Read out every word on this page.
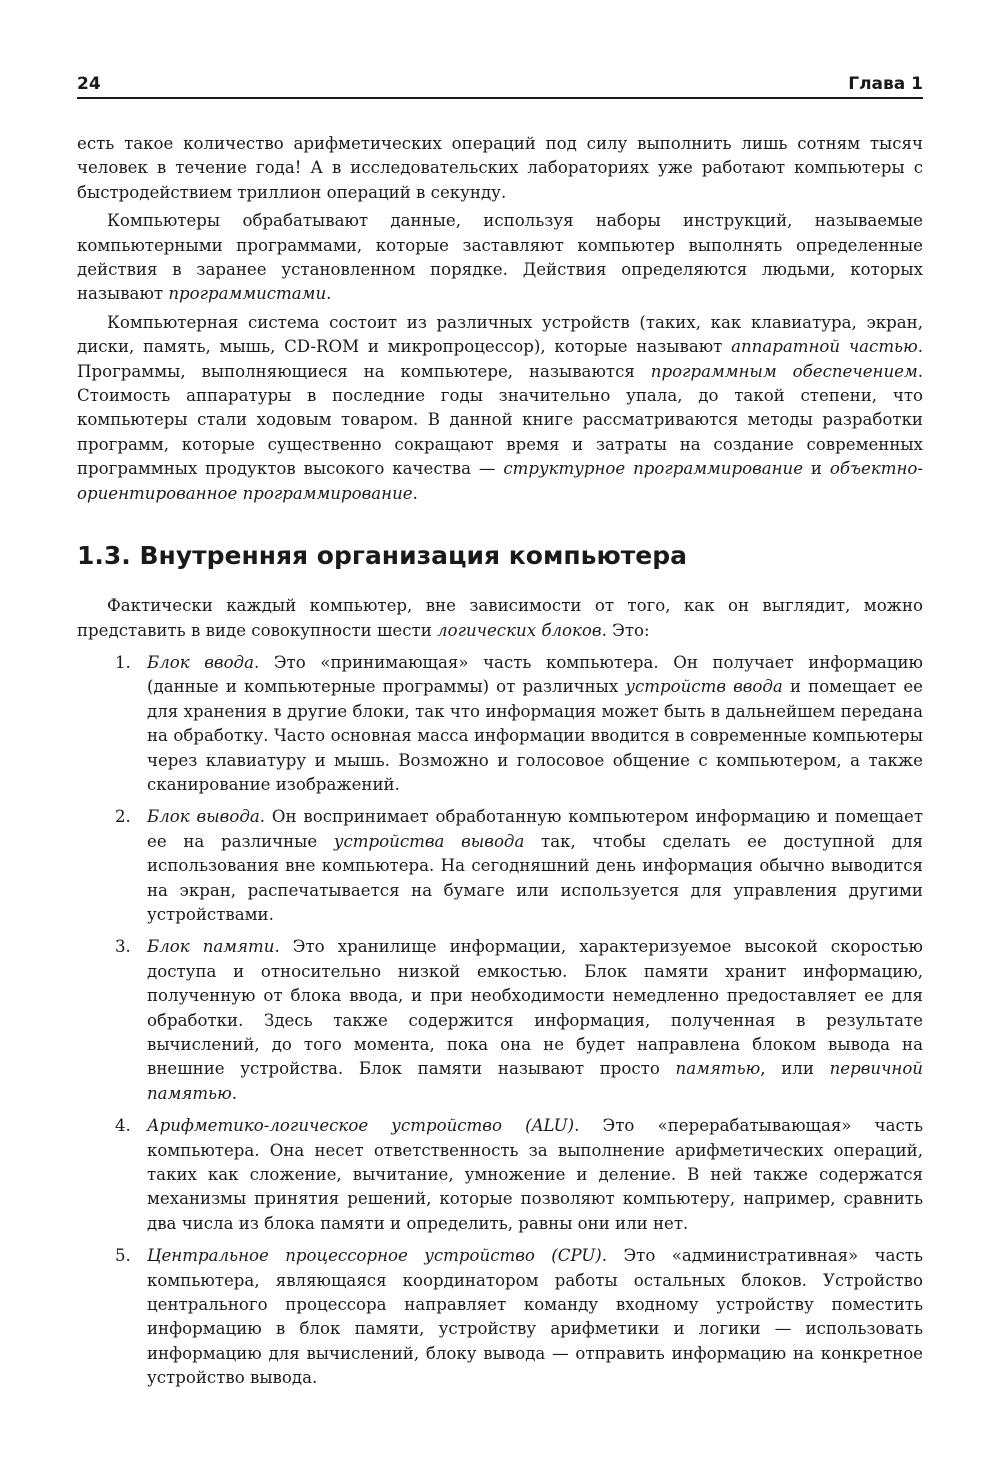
24	Глава 1

есть такое количество арифметических операций под силу выполнить лишь сотням тысяч человек в течение года! А в исследовательских лабораториях уже работают компьютеры с быстродействием триллион операций в секунду.

Компьютеры обрабатывают данные, используя наборы инструкций, называемые компьютерными программами, которые заставляют компьютер выполнять определенные действия в заранее установленном порядке. Действия определяются людьми, которых называют программистами.

Компьютерная система состоит из различных устройств (таких, как клавиатура, экран, диски, память, мышь, CD-ROM и микропроцессор), которые называют аппаратной частью. Программы, выполняющиеся на компьютере, называются программным обеспечением. Стоимость аппаратуры в последние годы значительно упала, до такой степени, что компьютеры стали ходовым товаром. В данной книге рассматриваются методы разработки программ, которые существенно сокращают время и затраты на создание современных программных продуктов высокого качества — структурное программирование и объектно-ориентированное программирование.

1.3. Внутренняя организация компьютера

Фактически каждый компьютер, вне зависимости от того, как он выглядит, можно представить в виде совокупности шести логических блоков. Это:

1. Блок ввода. Это «принимающая» часть компьютера. Он получает информацию (данные и компьютерные программы) от различных устройств ввода и помещает ее для хранения в другие блоки, так что информация может быть в дальнейшем передана на обработку. Часто основная масса информации вводится в современные компьютеры через клавиатуру и мышь. Возможно и голосовое общение с компьютером, а также сканирование изображений.
2. Блок вывода. Он воспринимает обработанную компьютером информацию и помещает ее на различные устройства вывода так, чтобы сделать ее доступной для использования вне компьютера. На сегодняшний день информация обычно выводится на экран, распечатывается на бумаге или используется для управления другими устройствами.
3. Блок памяти. Это хранилище информации, характеризуемое высокой скоростью доступа и относительно низкой емкостью. Блок памяти хранит информацию, полученную от блока ввода, и при необходимости немедленно предоставляет ее для обработки. Здесь также содержится информация, полученная в результате вычислений, до того момента, пока она не будет направлена блоком вывода на внешние устройства. Блок памяти называют просто памятью, или первичной памятью.
4. Арифметико-логическое устройство (ALU). Это «перерабатывающая» часть компьютера. Она несет ответственность за выполнение арифметических операций, таких как сложение, вычитание, умножение и деление. В ней также содержатся механизмы принятия решений, которые позволяют компьютеру, например, сравнить два числа из блока памяти и определить, равны они или нет.
5. Центральное процессорное устройство (CPU). Это «административная» часть компьютера, являющаяся координатором работы остальных блоков. Устройство центрального процессора направляет команду входному устройству поместить информацию в блок памяти, устройству арифметики и логики — использовать информацию для вычислений, блоку вывода — отправить информацию на конкретное устройство вывода.
